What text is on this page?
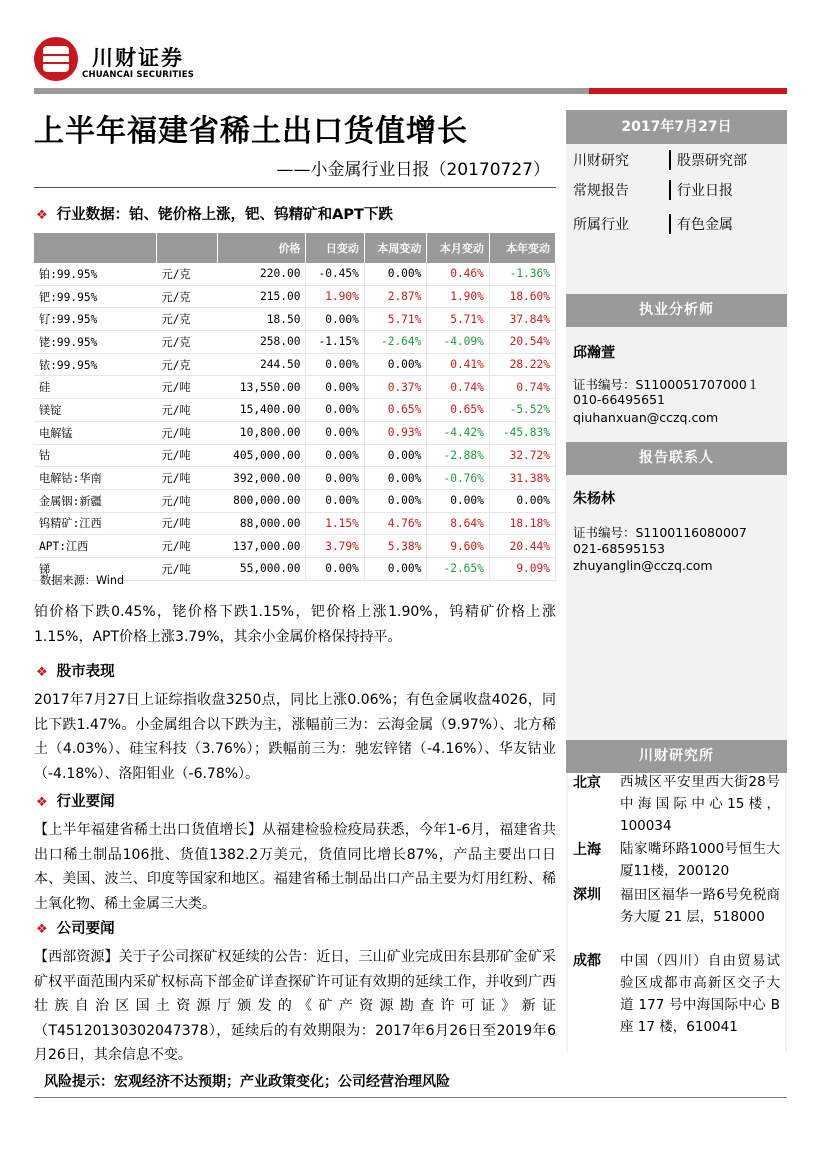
川财证券
CHUANCAI SECURITIES
上半年福建省稀土出口货值增长
——小金属行业日报（20170727）
❖ 行业数据：铂、铑价格上涨，钯、钨精矿和APT下跌
		价格	日变动	本周变动	本月变动	本年变动
铂:99.95%	元/克	220.00	-0.45%	0.00%	0.46%	-1.36%
钯:99.95%	元/克	215.00	1.90%	2.87%	1.90%	18.60%
钌:99.95%	元/克	18.50	0.00%	5.71%	5.71%	37.84%
铑:99.95%	元/克	258.00	-1.15%	-2.64%	-4.09%	20.54%
铱:99.95%	元/克	244.50	0.00%	0.00%	0.41%	28.22%
硅	元/吨	13,550.00	0.00%	0.37%	0.74%	0.74%
镁锭	元/吨	15,400.00	0.00%	0.65%	0.65%	-5.52%
电解锰	元/吨	10,800.00	0.00%	0.93%	-4.42%	-45.83%
钴	元/吨	405,000.00	0.00%	0.00%	-2.88%	32.72%
电解钴:华南	元/吨	392,000.00	0.00%	0.00%	-0.76%	31.38%
金属铟:新疆	元/吨	800,000.00	0.00%	0.00%	0.00%	0.00%
钨精矿:江西	元/吨	88,000.00	1.15%	4.76%	8.64%	18.18%
APT:江西	元/吨	137,000.00	3.79%	5.38%	9.60%	20.44%
锑	元/吨	55,000.00	0.00%	0.00%	-2.65%	9.09%
数据来源：Wind
铂价格下跌0.45%，铑价格下跌1.15%，钯价格上涨1.90%，钨精矿价格上涨1.15%，APT价格上涨3.79%，其余小金属价格保持持平。
❖ 股市表现
2017年7月27日上证综指收盘3250点，同比上涨0.06%；有色金属收盘4026，同比下跌1.47%。小金属组合以下跌为主，涨幅前三为：云海金属（9.97%）、北方稀土（4.03%）、硅宝科技（3.76%）；跌幅前三为：驰宏锌锗（-4.16%）、华友钴业（-4.18%）、洛阳钼业（-6.78%）。
❖ 行业要闻
【上半年福建省稀土出口货值增长】从福建检验检疫局获悉，今年1-6月，福建省共出口稀土制品106批、货值1382.2万美元，货值同比增长87%，产品主要出口日本、美国、波兰、印度等国家和地区。福建省稀土制品出口产品主要为灯用红粉、稀土氧化物、稀土金属三大类。
❖ 公司要闻
【西部资源】关于子公司探矿权延续的公告：近日，三山矿业完成田东县那矿金矿采矿权平面范围内采矿权标高下部金矿详查探矿许可证有效期的延续工作，并收到广西壮族自治区国土资源厅颁发的《矿产资源勘查许可证》新证（T45120130302047378），延续后的有效期限为：2017年6月26日至2019年6月26日，其余信息不变。
风险提示：宏观经济不达预期；产业政策变化；公司经营治理风险
2017年7月27日
川财研究	股票研究部
常规报告	行业日报
所属行业	有色金属
执业分析师
邱瀚萱
证书编号：S1100051707000１
010-66495651
qiuhanxuan@cczq.com
报告联系人
朱杨林
证书编号：S1100116080007
021-68595153
zhuyanglin@cczq.com
川财研究所
北京 西城区平安里西大街28号中海国际中心15楼，100034
上海 陆家嘴环路1000号恒生大厦11楼，200120
深圳 福田区福华一路6号免税商务大厦 21 层，518000
成都 中国（四川）自由贸易试验区成都市高新区交子大道 177 号中海国际中心 B 座 17 楼，610041
